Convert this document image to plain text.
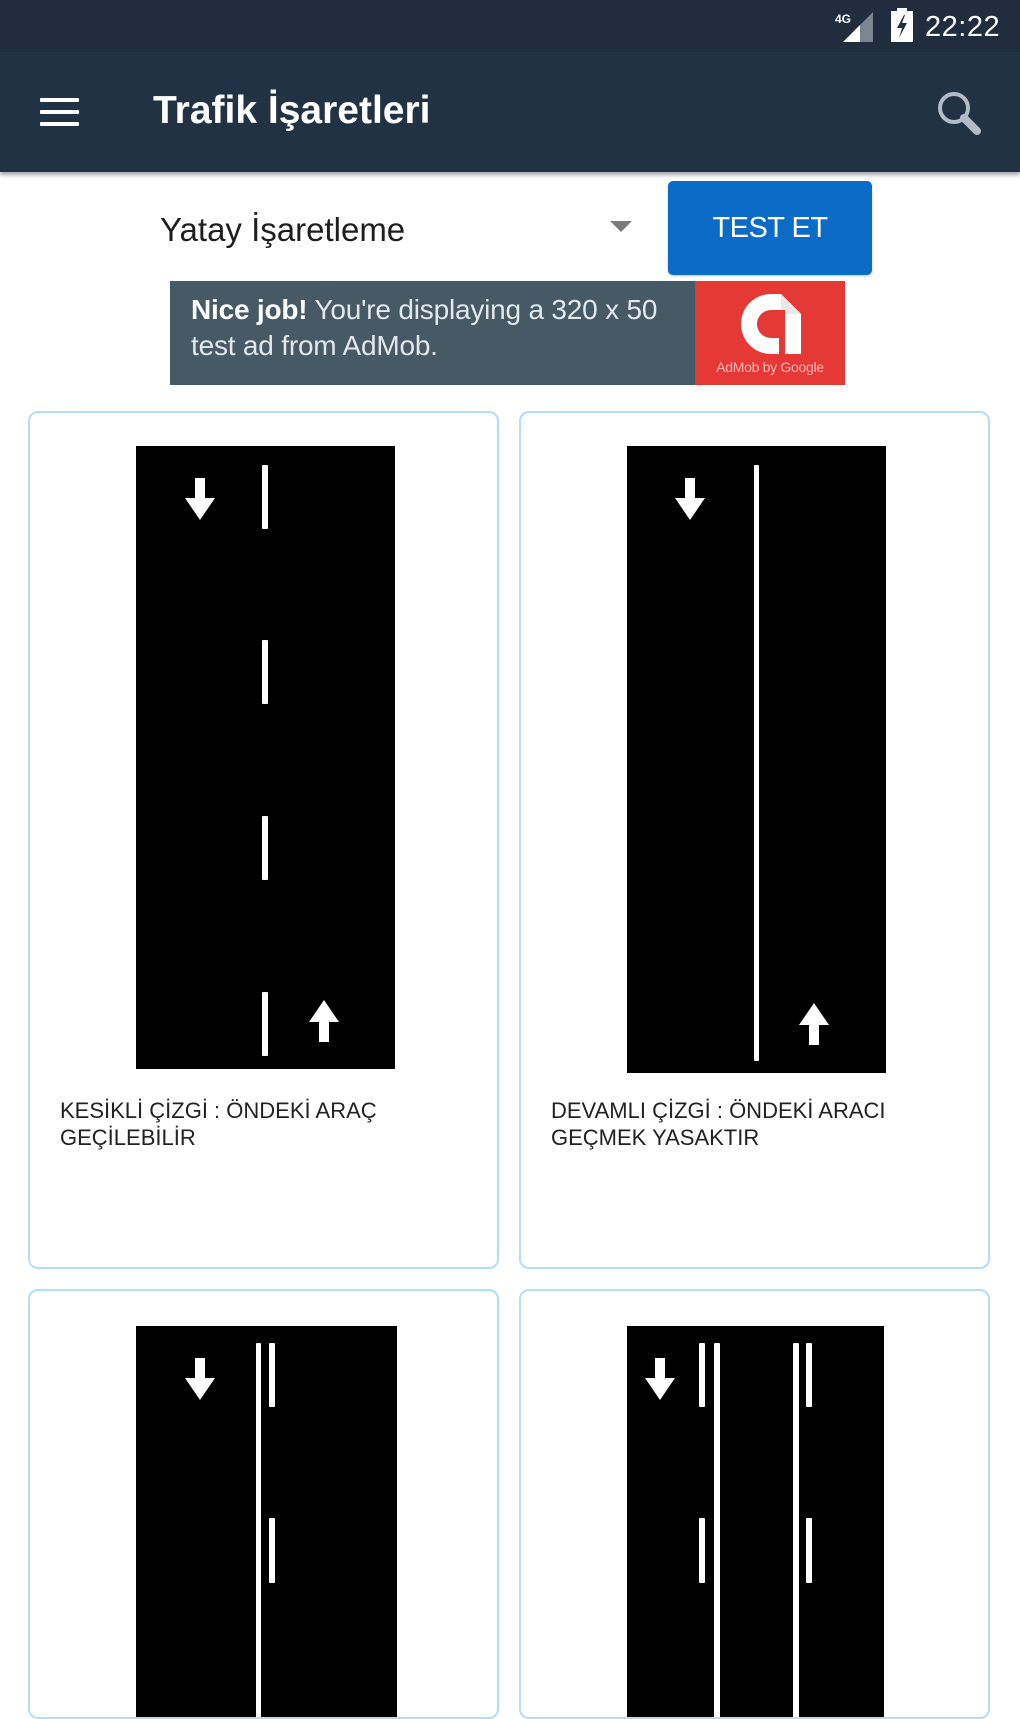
4G	22:22
Trafik İşaretleri
Yatay İşaretleme	TEST ET
Nice job! You're displaying a 320 x 50 test ad from AdMob.
AdMob by Google
KESİKLİ ÇİZGİ : ÖNDEKİ ARAÇ GEÇİLEBİLİR
DEVAMLI ÇİZGİ : ÖNDEKİ ARACI GEÇMEK YASAKTIR
